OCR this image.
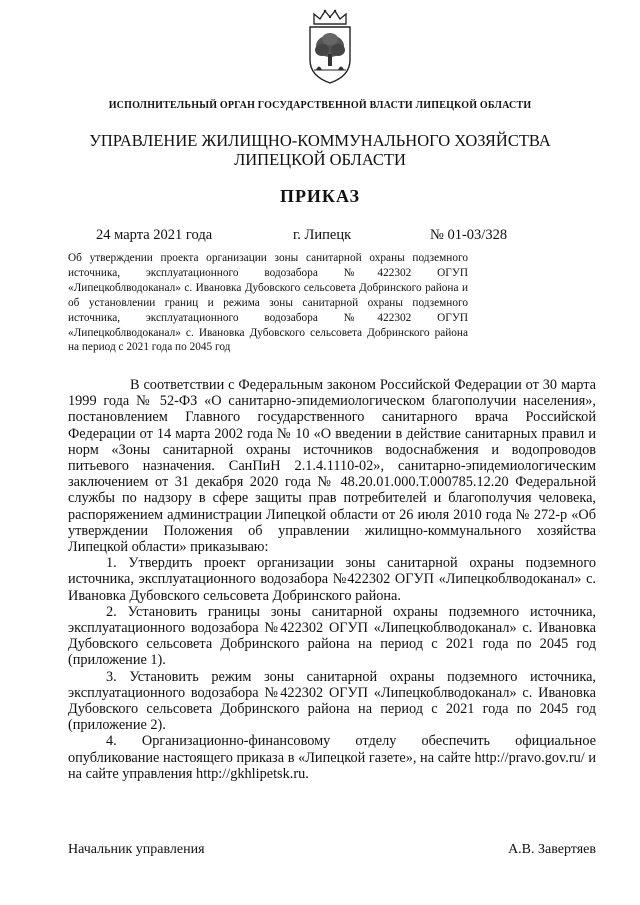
ИСПОЛНИТЕЛЬНЫЙ ОРГАН ГОСУДАРСТВЕННОЙ ВЛАСТИ ЛИПЕЦКОЙ ОБЛАСТИ
УПРАВЛЕНИЕ ЖИЛИЩНО-КОММУНАЛЬНОГО ХОЗЯЙСТВА
ЛИПЕЦКОЙ ОБЛАСТИ
ПРИКАЗ
24 марта 2021 года	г. Липецк	№ 01-03/328
Об утверждении проекта организации зоны санитарной охраны подземного источника, эксплуатационного водозабора №422302 ОГУП «Липецкоблводоканал» с. Ивановка Дубовского сельсовета Добринского района и об установлении границ и режима зоны санитарной охраны подземного источника, эксплуатационного водозабора №422302 ОГУП «Липецкоблводоканал» с. Ивановка Дубовского сельсовета Добринского района на период с 2021 года по 2045 год

В соответствии с Федеральным законом Российской Федерации от 30 марта 1999 года № 52-ФЗ «О санитарно-эпидемиологическом благополучии населения», постановлением Главного государственного санитарного врача Российской Федерации от 14 марта 2002 года № 10 «О введении в действие санитарных правил и норм «Зоны санитарной охраны источников водоснабжения и водопроводов питьевого назначения. СанПиН 2.1.4.1110-02», санитарно-эпидемиологическим заключением от 31 декабря 2020 года № 48.20.01.000.Т.000785.12.20 Федеральной службы по надзору в сфере защиты прав потребителей и благополучия человека, распоряжением администрации Липецкой области от 26 июля 2010 года № 272-р «Об утверждении Положения об управлении жилищно-коммунального хозяйства Липецкой области» приказываю:

1. Утвердить проект организации зоны санитарной охраны подземного источника, эксплуатационного водозабора №422302 ОГУП «Липецкоблводоканал» с. Ивановка Дубовского сельсовета Добринского района.

2. Установить границы зоны санитарной охраны подземного источника, эксплуатационного водозабора №422302 ОГУП «Липецкоблводоканал» с. Ивановка Дубовского сельсовета Добринского района на период с 2021 года по 2045 год (приложение 1).

3. Установить режим зоны санитарной охраны подземного источника, эксплуатационного водозабора №422302 ОГУП «Липецкоблводоканал» с. Ивановка Дубовского сельсовета Добринского района на период с 2021 года по 2045 год (приложение 2).

4. Организационно-финансовому отделу обеспечить официальное опубликование настоящего приказа в «Липецкой газете», на сайте http://pravo.gov.ru/ и на сайте управления http://gkhlipetsk.ru.

Начальник управления	А.В. Завертяев
